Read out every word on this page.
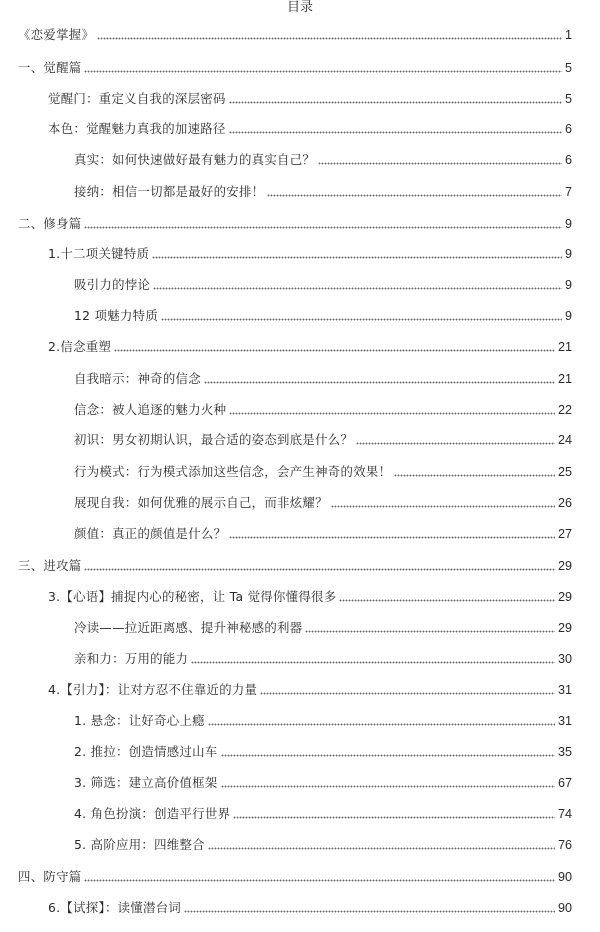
目录
《恋爱掌握》	1
一、觉醒篇	5
觉醒门：重定义自我的深层密码	5
本色：觉醒魅力真我的加速路径	6
真实：如何快速做好最有魅力的真实自己？	6
接纳：相信一切都是最好的安排！	7
二、修身篇	9
1.十二项关键特质	9
吸引力的悖论	9
12 项魅力特质	9
2.信念重塑	21
自我暗示：神奇的信念	21
信念：被人追逐的魅力火种	22
初识：男女初期认识，最合适的姿态到底是什么？	24
行为模式：行为模式添加这些信念，会产生神奇的效果！	25
展现自我：如何优雅的展示自己，而非炫耀？	26
颜值：真正的颜值是什么？	27
三、进攻篇	29
3.【心语】捕捉内心的秘密，让 Ta 觉得你懂得很多	29
冷读——拉近距离感、提升神秘感的利器	29
亲和力：万用的能力	30
4.【引力】：让对方忍不住靠近的力量	31
1. 悬念：让好奇心上瘾	31
2. 推拉：创造情感过山车	35
3. 筛选：建立高价值框架	67
4. 角色扮演：创造平行世界	74
5. 高阶应用：四维整合	76
四、防守篇	90
6.【试探】：读懂潜台词	90
